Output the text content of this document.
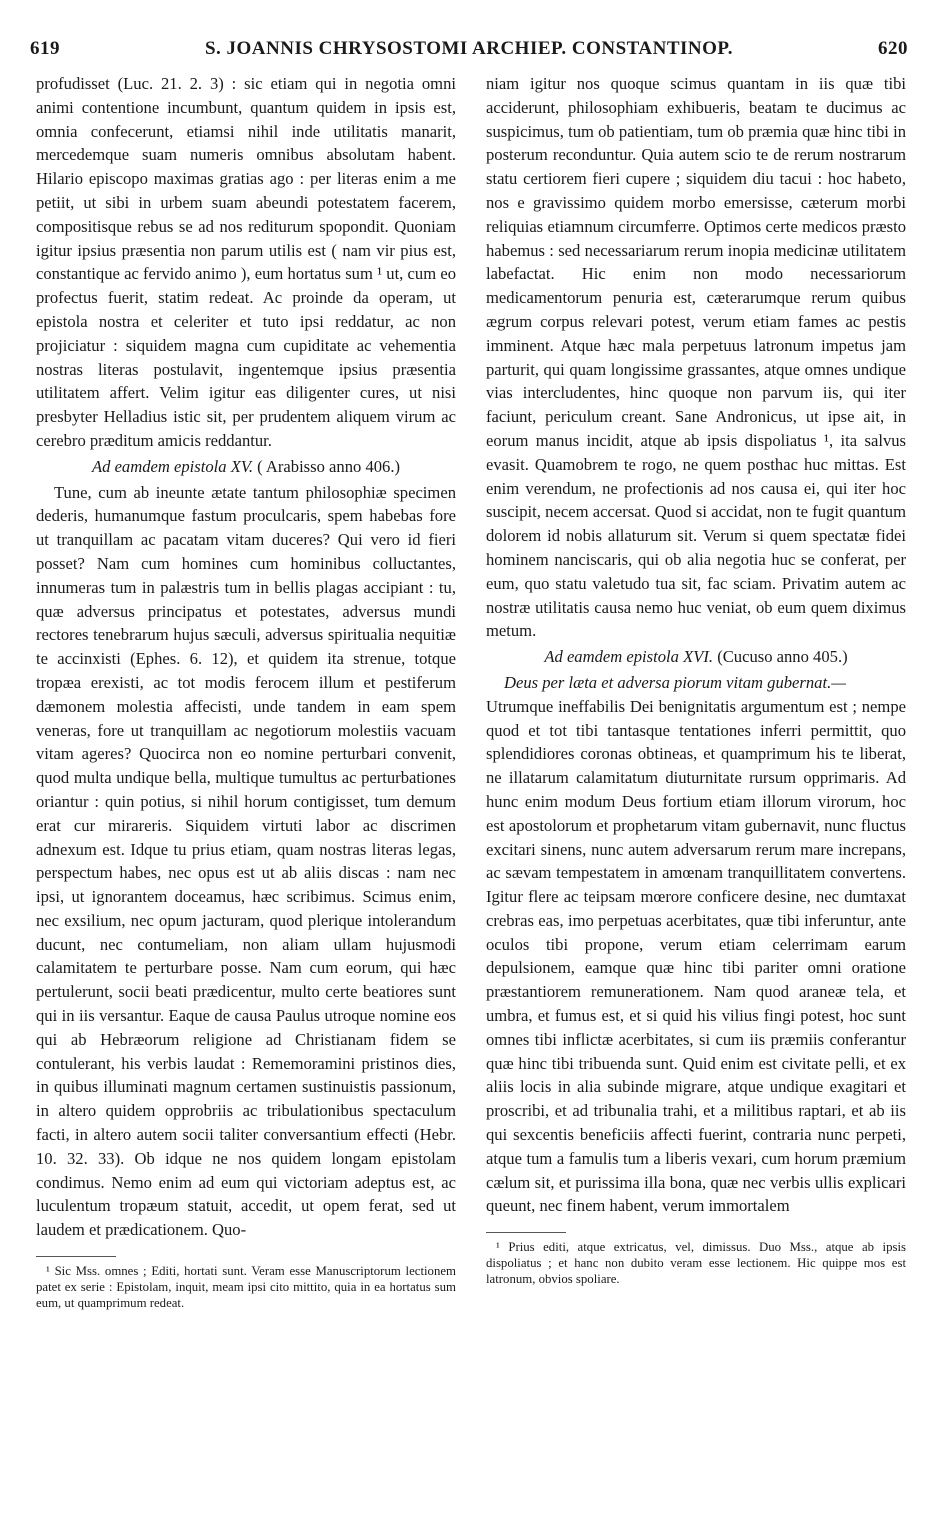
619	S. JOANNIS CHRYSOSTOMI ARCHIEP. CONSTANTINOP.	620

profudisset (Luc. 21. 2. 3) : sic etiam qui in negotia omni animi contentione incumbunt, quantum quidem in ipsis est, omnia confecerunt, etiamsi nihil inde utilitatis manarit, mercedemque suam numeris omnibus absolutam habent. Hilario episcopo maximas gratias ago : per literas enim a me petiit, ut sibi in urbem suam abeundi potestatem facerem, compositisque rebus se ad nos rediturum spopondit. Quoniam igitur ipsius præsentia non parum utilis est ( nam vir pius est, constantique ac fervido animo ), eum hortatus sum ¹ ut, cum eo profectus fuerit, statim redeat. Ac proinde da operam, ut epistola nostra et celeriter et tuto ipsi reddatur, ac non projiciatur : siquidem magna cum cupiditate ac vehementia nostras literas postulavit, ingentemque ipsius præsentia utilitatem affert. Velim igitur eas diligenter cures, ut nisi presbyter Helladius istic sit, per prudentem aliquem virum ac cerebro præditum amicis reddantur.

Ad eamdem epistola XV. ( Arabisso anno 406.)

Tune, cum ab ineunte ætate tantum philosophiæ specimen dederis, humanumque fastum proculcaris, spem habebas fore ut tranquillam ac pacatam vitam duceres? Qui vero id fieri posset? Nam cum homines cum hominibus colluctantes, innumeras tum in palæstris tum in bellis plagas accipiant : tu, quæ adversus principatus et potestates, adversus mundi rectores tenebrarum hujus sæculi, adversus spiritualia nequitiæ te accinxisti (Ephes. 6. 12), et quidem ita strenue, totque tropæa erexisti, ac tot modis ferocem illum et pestiferum dæmonem molestia affecisti, unde tandem in eam spem veneras, fore ut tranquillam ac negotiorum molestiis vacuam vitam ageres? Quocirca non eo nomine perturbari convenit, quod multa undique bella, multique tumultus ac perturbationes oriantur : quin potius, si nihil horum contigisset, tum demum erat cur mirareris. Siquidem virtuti labor ac discrimen adnexum est. Idque tu prius etiam, quam nostras literas legas, perspectum habes, nec opus est ut ab aliis discas : nam nec ipsi, ut ignorantem doceamus, hæc scribimus. Scimus enim, nec exsilium, nec opum jacturam, quod plerique intolerandum ducunt, nec contumeliam, non aliam ullam hujusmodi calamitatem te perturbare posse. Nam cum eorum, qui hæc pertulerunt, socii beati prædicentur, multo certe beatiores sunt qui in iis versantur. Eaque de causa Paulus utroque nomine eos qui ab Hebræorum religione ad Christianam fidem se contulerant, his verbis laudat : Rememoramini pristinos dies, in quibus illuminati magnum certamen sustinuistis passionum, in altero quidem opprobriis ac tribulationibus spectaculum facti, in altero autem socii taliter conversantium effecti (Hebr. 10. 32. 33). Ob idque ne nos quidem longam epistolam condimus. Nemo enim ad eum qui victoriam adeptus est, ac luculentum tropæum statuit, accedit, ut opem ferat, sed ut laudem et prædicationem. Quo-

¹ Sic Mss. omnes ; Editi, hortati sunt. Veram esse Manuscriptorum lectionem patet ex serie : Epistolam, inquit, meam ipsi cito mittito, quia in ea hortatus sum eum, ut quamprimum redeat.

niam igitur nos quoque scimus quantam in iis quæ tibi acciderunt, philosophiam exhibueris, beatam te ducimus ac suspicimus, tum ob patientiam, tum ob præmia quæ hinc tibi in posterum reconduntur. Quia autem scio te de rerum nostrarum statu certiorem fieri cupere ; siquidem diu tacui : hoc habeto, nos e gravissimo quidem morbo emersisse, cæterum morbi reliquias etiamnum circumferre. Optimos certe medicos præsto habemus : sed necessariarum rerum inopia medicinæ utilitatem labefactat. Hic enim non modo necessariorum medicamentorum penuria est, cæterarumque rerum quibus ægrum corpus relevari potest, verum etiam fames ac pestis imminent. Atque hæc mala perpetuus latronum impetus jam parturit, qui quam longissime grassantes, atque omnes undique vias intercludentes, hinc quoque non parvum iis, qui iter faciunt, periculum creant. Sane Andronicus, ut ipse ait, in eorum manus incidit, atque ab ipsis dispoliatus ¹, ita salvus evasit. Quamobrem te rogo, ne quem posthac huc mittas. Est enim verendum, ne profectionis ad nos causa ei, qui iter hoc suscipit, necem accersat. Quod si accidat, non te fugit quantum dolorem id nobis allaturum sit. Verum si quem spectatæ fidei hominem nanciscaris, qui ob alia negotia huc se conferat, per eum, quo statu valetudo tua sit, fac sciam. Privatim autem ac nostræ utilitatis causa nemo huc veniat, ob eum quem diximus metum.

Ad eamdem epistola XVI. (Cucuso anno 405.)

Deus per læta et adversa piorum vitam gubernat.—

Utrumque ineffabilis Dei benignitatis argumentum est ; nempe quod et tot tibi tantasque tentationes inferri permittit, quo splendidiores coronas obtineas, et quamprimum his te liberat, ne illatarum calamitatum diuturnitate rursum opprimaris. Ad hunc enim modum Deus fortium etiam illorum virorum, hoc est apostolorum et prophetarum vitam gubernavit, nunc fluctus excitari sinens, nunc autem adversarum rerum mare increpans, ac sævam tempestatem in amœnam tranquillitatem convertens. Igitur flere ac teipsam mœrore conficere desine, nec dumtaxat crebras eas, imo perpetuas acerbitates, quæ tibi inferuntur, ante oculos tibi propone, verum etiam celerrimam earum depulsionem, eamque quæ hinc tibi pariter omni oratione præstantiorem remunerationem. Nam quod araneæ tela, et umbra, et fumus est, et si quid his vilius fingi potest, hoc sunt omnes tibi inflictæ acerbitates, si cum iis præmiis conferantur quæ hinc tibi tribuenda sunt. Quid enim est civitate pelli, et ex aliis locis in alia subinde migrare, atque undique exagitari et proscribi, et ad tribunalia trahi, et a militibus raptari, et ab iis qui sexcentis beneficiis affecti fuerint, contraria nunc perpeti, atque tum a famulis tum a liberis vexari, cum horum præmium cælum sit, et purissima illa bona, quæ nec verbis ullis explicari queunt, nec finem habent, verum immortalem

¹ Prius editi, atque extricatus, vel, dimissus. Duo Mss., atque ab ipsis dispoliatus ; et hanc non dubito veram esse lectionem. Hic quippe mos est latronum, obvios spoliare.
